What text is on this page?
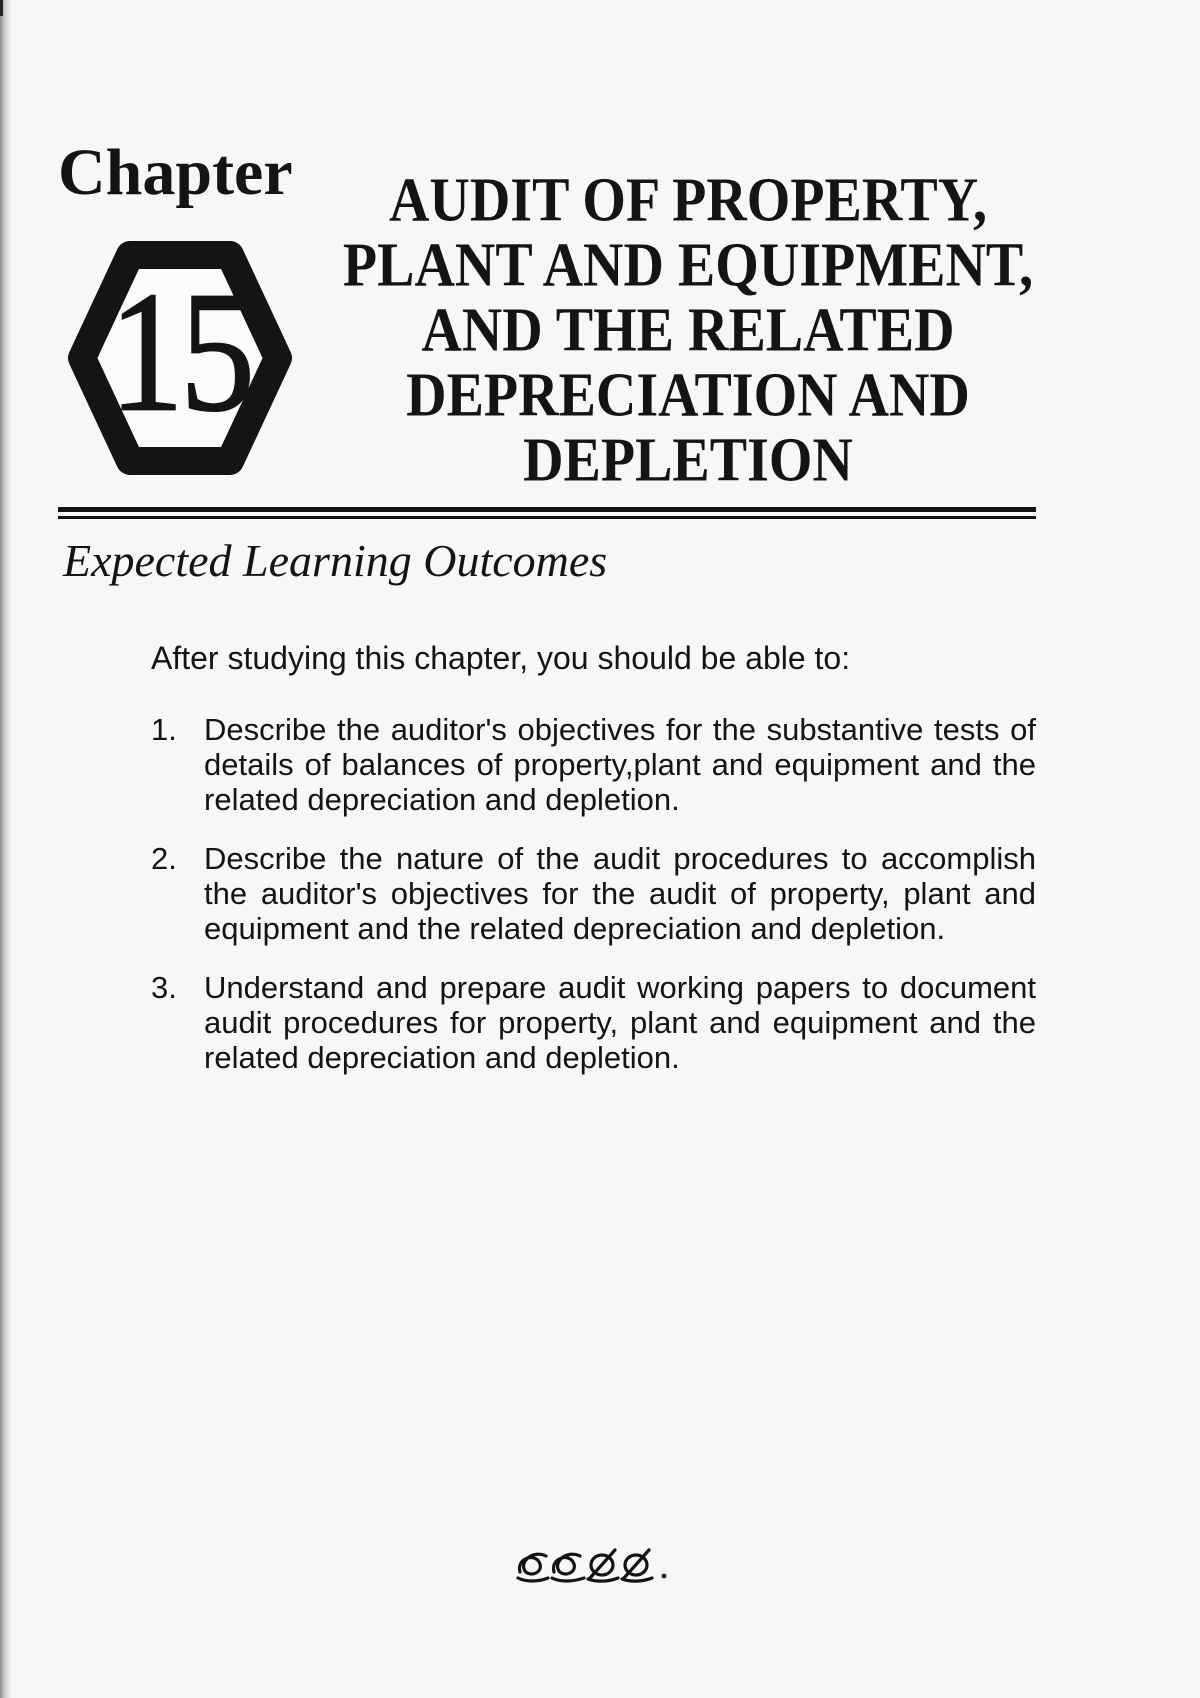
Chapter
15
AUDIT OF PROPERTY,
PLANT AND EQUIPMENT,
AND THE RELATED
DEPRECIATION AND
DEPLETION
Expected Learning Outcomes

After studying this chapter, you should be able to:

1. Describe the auditor's objectives for the substantive tests of details of balances of property,plant and equipment and the related depreciation and depletion.
2. Describe the nature of the audit procedures to accomplish the auditor's objectives for the audit of property, plant and equipment and the related depreciation and depletion.
3. Understand and prepare audit working papers to document audit procedures for property, plant and equipment and the related depreciation and depletion.
